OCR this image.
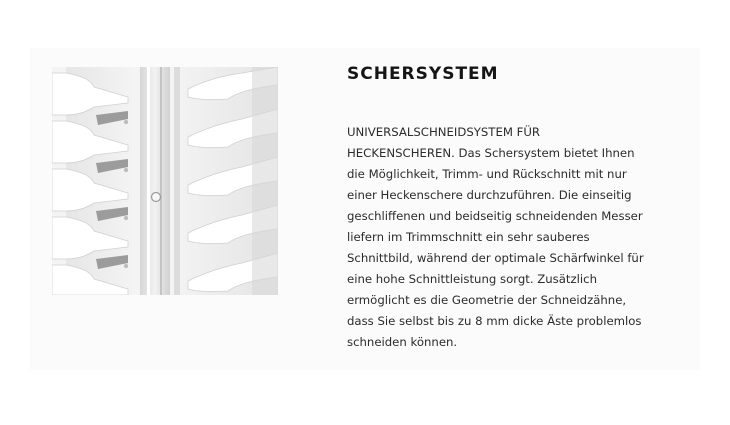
SCHERSYSTEM

UNIVERSALSCHNEIDSYSTEM FÜR
HECKENSCHEREN. Das Schersystem bietet Ihnen
die Möglichkeit, Trimm- und Rückschnitt mit nur
einer Heckenschere durchzuführen. Die einseitig
geschliffenen und beidseitig schneidenden Messer
liefern im Trimmschnitt ein sehr sauberes
Schnittbild, während der optimale Schärfwinkel für
eine hohe Schnittleistung sorgt. Zusätzlich
ermöglicht es die Geometrie der Schneidzähne,
dass Sie selbst bis zu 8 mm dicke Äste problemlos
schneiden können.
